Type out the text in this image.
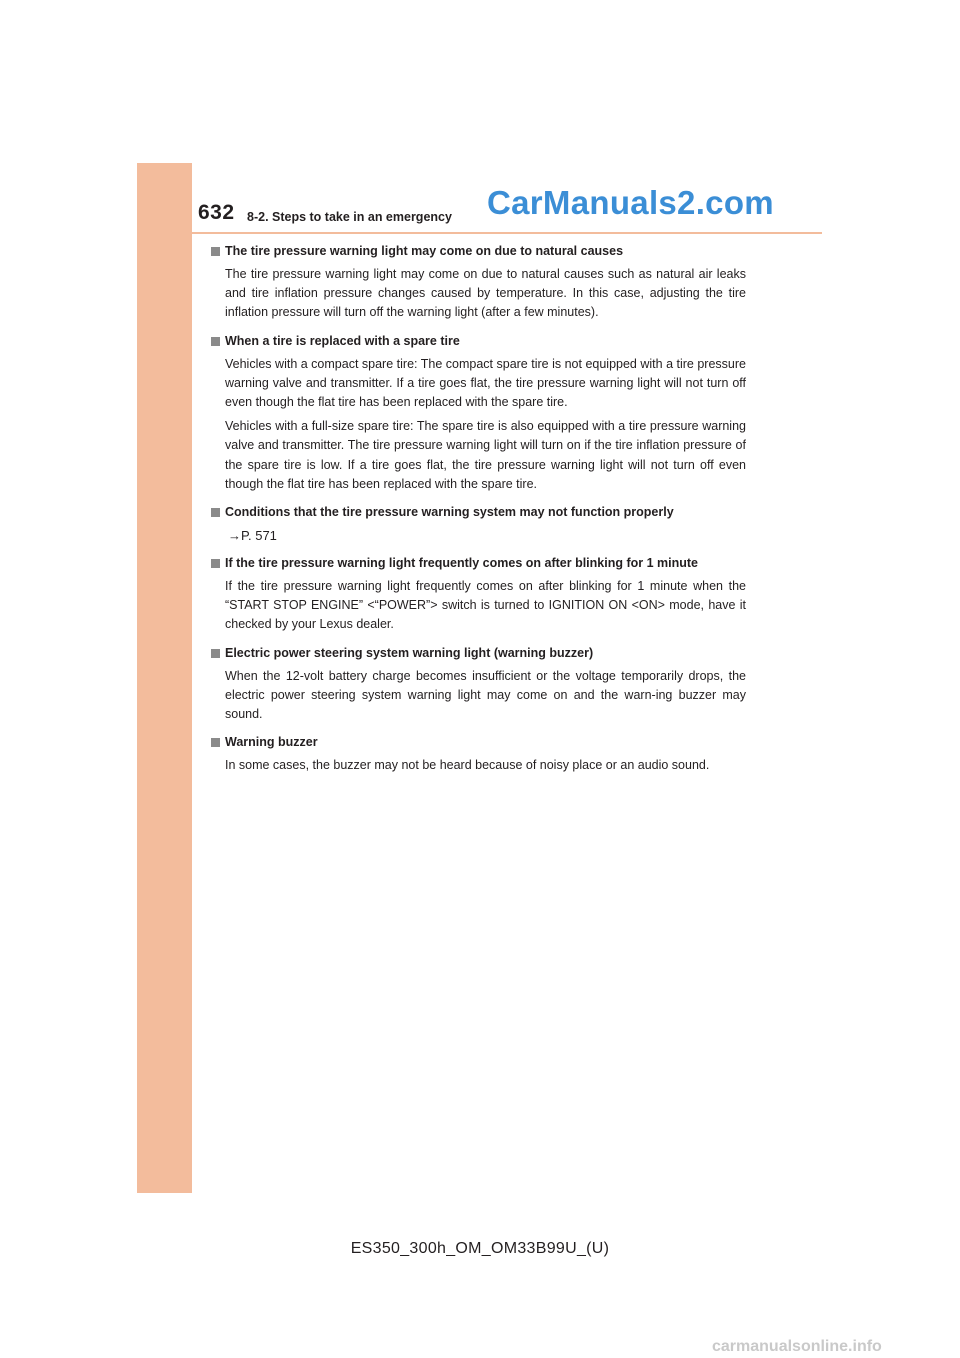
632 8-2. Steps to take in an emergency CarManuals2.com
The tire pressure warning light may come on due to natural causes

The tire pressure warning light may come on due to natural causes such as natural air leaks and tire inflation pressure changes caused by temperature. In this case, adjusting the tire inflation pressure will turn off the warning light (after a few minutes).

When a tire is replaced with a spare tire

Vehicles with a compact spare tire: The compact spare tire is not equipped with a tire pressure warning valve and transmitter. If a tire goes flat, the tire pressure warning light will not turn off even though the flat tire has been replaced with the spare tire.

Vehicles with a full-size spare tire: The spare tire is also equipped with a tire pressure warning valve and transmitter. The tire pressure warning light will turn on if the tire inflation pressure of the spare tire is low. If a tire goes flat, the tire pressure warning light will not turn off even though the flat tire has been replaced with the spare tire.

Conditions that the tire pressure warning system may not function properly
→P. 571
If the tire pressure warning light frequently comes on after blinking for 1 minute

If the tire pressure warning light frequently comes on after blinking for 1 minute when the “START STOP ENGINE” <“POWER”> switch is turned to IGNITION ON <ON> mode, have it checked by your Lexus dealer.

Electric power steering system warning light (warning buzzer)

When the 12-volt battery charge becomes insufficient or the voltage temporarily drops, the electric power steering system warning light may come on and the warn-ing buzzer may sound.

Warning buzzer

In some cases, the buzzer may not be heard because of noisy place or an audio sound.

ES350_300h_OM_OM33B99U_(U)
carmanualsonline.info
